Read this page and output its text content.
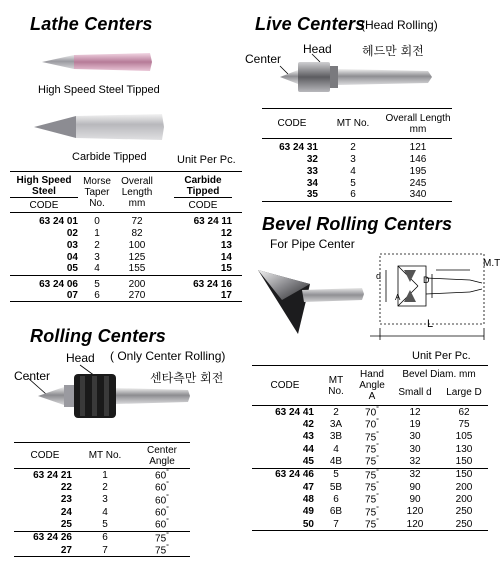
Lathe Centers
High Speed Steel Tipped
Carbide Tipped	Unit Per Pc.
High Speed Steel	Morse Taper No.	Overall Length mm		Carbide Tipped	
CODE				CODE	
63 24 01	0	72		63 24 11	
02	1	82		12	
03	2	100		13	
04	3	125		14	
05	4	155		15	
63 24 06	5	200		63 24 16	
07	6	270		17	
Rolling Centers
Head ( Only Center Rolling)
Center	센타측만 회전
CODE	MT No.	Center Angle
63 24 21	1	60°
22	2	60°
23	3	60°
24	4	60°
25	5	60°
63 24 26	6	75°
27	7	75°
Live Centers
(Head Rolling)
Head	헤드만 회전
Center
CODE	MT No.	Overall Length mm
63 24 31	2	121
32	3	146
33	4	195
34	5	245
35	6	340
Bevel Rolling Centers
For Pipe Center
M.T
L
d	D
A
Unit Per Pc.
CODE	MT No.	Hand Angle A	Bevel Diam. mm	
			Small d	Large D
63 24 41	2	70°	12	62
42	3A	70°	19	75
43	3B	75°	30	105
44	4	75°	30	130
45	4B	75°	32	150
63 24 46	5	75°	32	150
47	5B	75°	90	200
48	6	75°	90	200
49	6B	75°	120	250
50	7	75°	120	250
